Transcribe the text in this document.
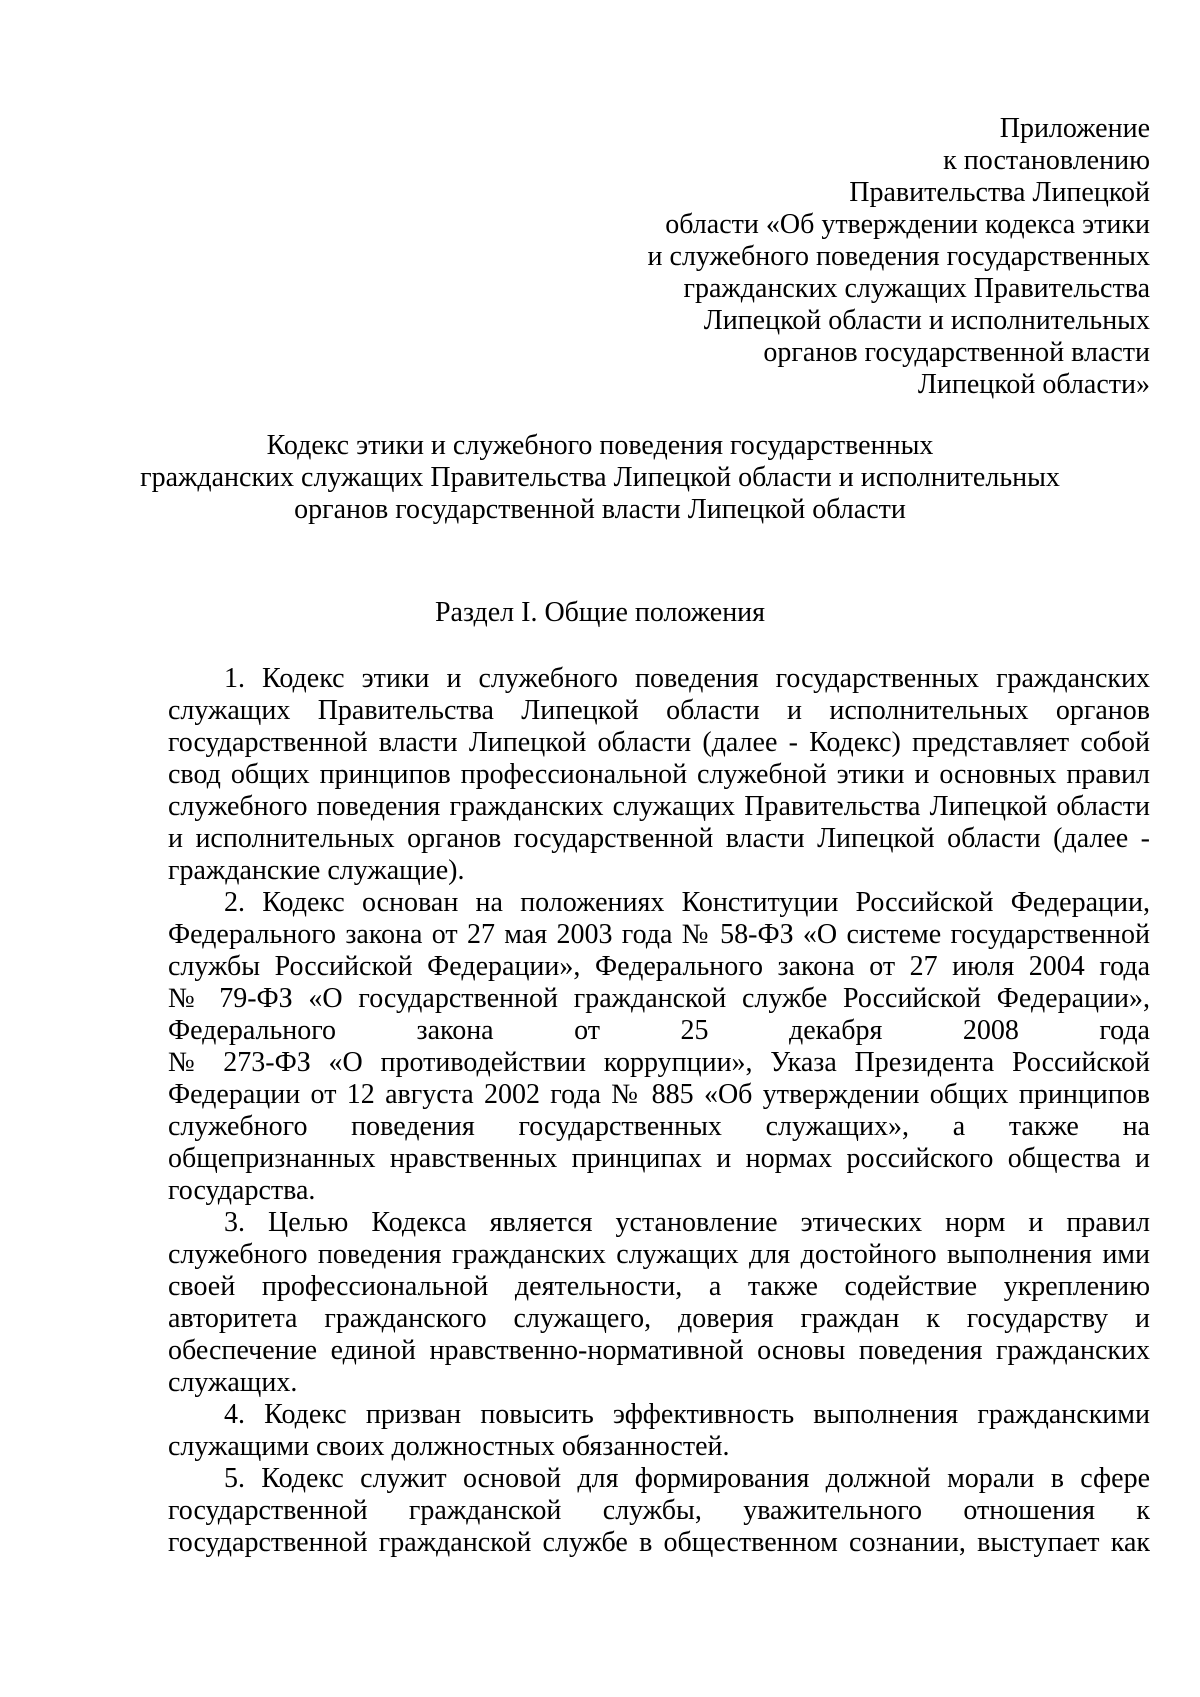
Приложение
к постановлению
Правительства Липецкой
области «Об утверждении кодекса этики
и служебного поведения государственных
гражданских служащих Правительства
Липецкой области и исполнительных
органов государственной власти
Липецкой области»
Кодекс этики и служебного поведения государственных
гражданских служащих Правительства Липецкой области и исполнительных
органов государственной власти Липецкой области
Раздел I. Общие положения
1. Кодекс этики и служебного поведения государственных гражданских
служащих Правительства Липецкой области и исполнительных органов
государственной власти Липецкой области (далее - Кодекс) представляет собой
свод общих принципов профессиональной служебной этики и основных правил
служебного поведения гражданских служащих Правительства Липецкой области
и исполнительных органов государственной власти Липецкой области (далее -
гражданские служащие).
2. Кодекс основан на положениях Конституции Российской Федерации,
Федерального закона от 27 мая 2003 года № 58-ФЗ «О системе государственной
службы Российской Федерации», Федерального закона от 27 июля 2004 года
№ 79-ФЗ «О государственной гражданской службе Российской Федерации»,
Федерального закона от 25 декабря 2008 года
№ 273-ФЗ «О противодействии коррупции», Указа Президента Российской
Федерации от 12 августа 2002 года № 885 «Об утверждении общих принципов
служебного поведения государственных служащих», а также на
общепризнанных нравственных принципах и нормах российского общества и
государства.
3. Целью Кодекса является установление этических норм и правил
служебного поведения гражданских служащих для достойного выполнения ими
своей профессиональной деятельности, а также содействие укреплению
авторитета гражданского служащего, доверия граждан к государству и
обеспечение единой нравственно-нормативной основы поведения гражданских
служащих.
4. Кодекс призван повысить эффективность выполнения гражданскими
служащими своих должностных обязанностей.
5. Кодекс служит основой для формирования должной морали в сфере
государственной гражданской службы, уважительного отношения к
государственной гражданской службе в общественном сознании, выступает как
